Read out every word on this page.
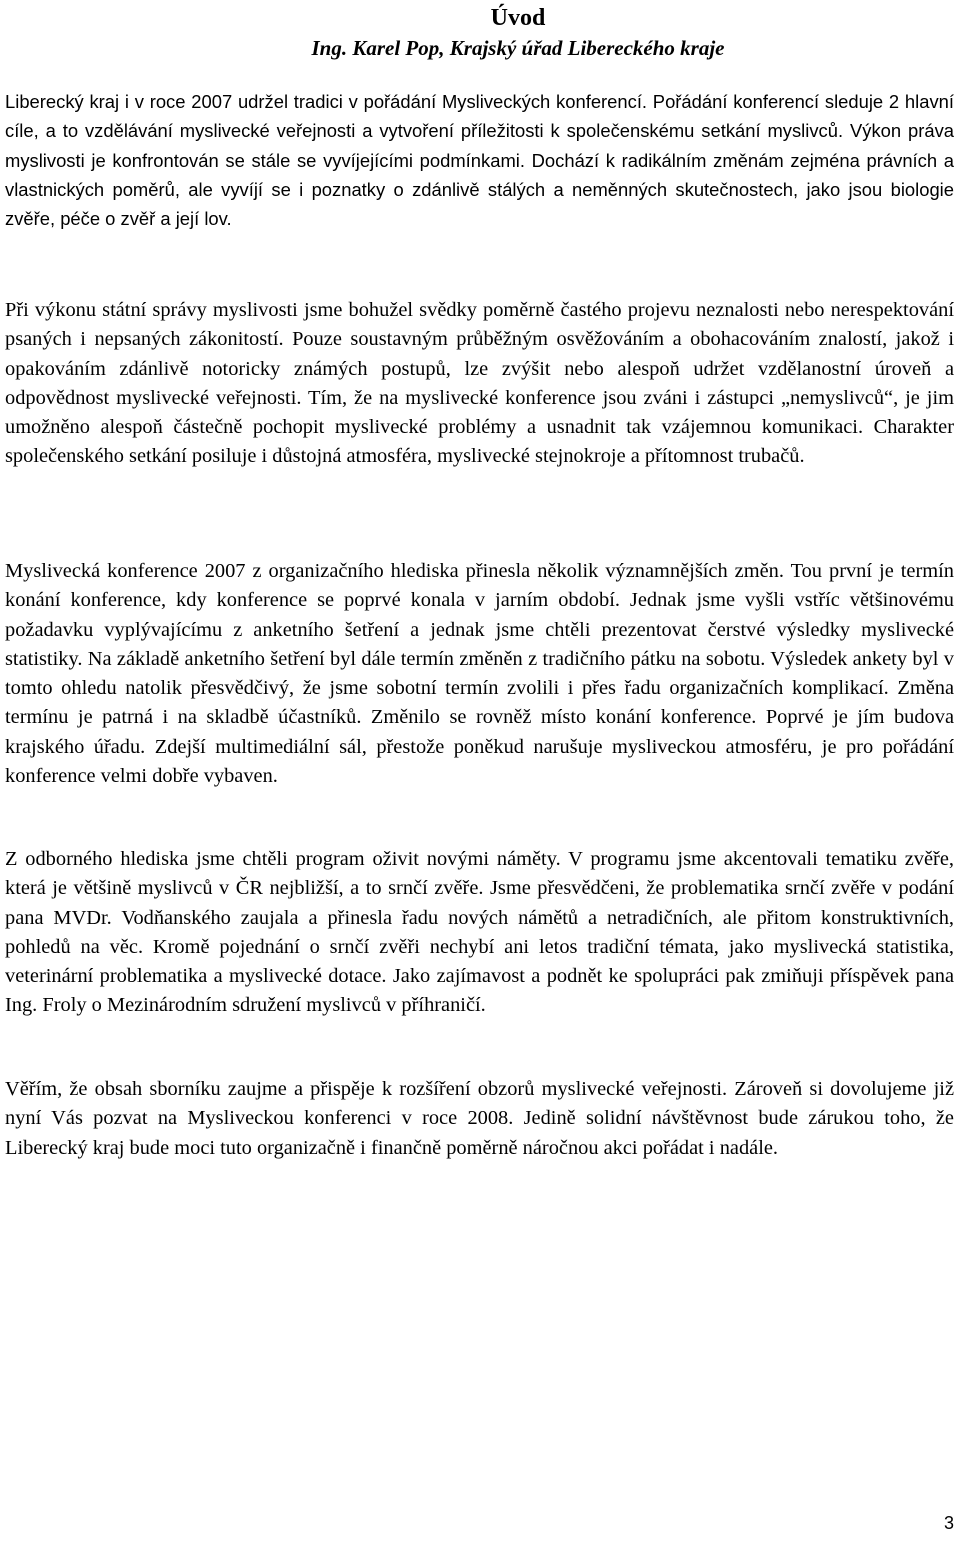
Úvod

Ing. Karel Pop, Krajský úřad Libereckého kraje

Liberecký kraj i v roce 2007 udržel tradici v pořádání Mysliveckých konferencí. Pořádání konferencí sleduje 2 hlavní cíle, a to vzdělávání myslivecké veřejnosti a vytvoření příležitosti k společenskému setkání myslivců. Výkon práva myslivosti je konfrontován se stále se vyvíjejícími podmínkami. Dochází k radikálním změnám zejména právních a vlastnických poměrů, ale vyvíjí se i poznatky o zdánlivě stálých a neměnných skutečnostech, jako jsou biologie zvěře, péče o zvěř a její lov.

Při výkonu státní správy myslivosti jsme bohužel svědky poměrně častého projevu neznalosti nebo nerespektování psaných i nepsaných zákonitostí. Pouze soustavným průběžným osvěžováním a obohacováním znalostí, jakož i opakováním zdánlivě notoricky známých postupů, lze zvýšit nebo alespoň udržet vzdělanostní úroveň a odpovědnost myslivecké veřejnosti. Tím, že na myslivecké konference jsou zváni i zástupci „nemyslivců“, je jim umožněno alespoň částečně pochopit myslivecké problémy a usnadnit tak vzájemnou komunikaci. Charakter společenského setkání posiluje i důstojná atmosféra, myslivecké stejnokroje a přítomnost trubačů.

Myslivecká konference 2007 z organizačního hlediska přinesla několik významnějších změn. Tou první je termín konání konference, kdy konference se poprvé konala v jarním období. Jednak jsme vyšli vstříc většinovému požadavku vyplývajícímu z anketního šetření a jednak jsme chtěli prezentovat čerstvé výsledky myslivecké statistiky. Na základě anketního šetření byl dále termín změněn z tradičního pátku na sobotu. Výsledek ankety byl v tomto ohledu natolik přesvědčivý, že jsme sobotní termín zvolili i přes řadu organizačních komplikací. Změna termínu je patrná i na skladbě účastníků. Změnilo se rovněž místo konání konference. Poprvé je jím budova krajského úřadu. Zdejší multimediální sál, přestože poněkud narušuje mysliveckou atmosféru, je pro pořádání konference velmi dobře vybaven.

Z odborného hlediska jsme chtěli program oživit novými náměty. V programu jsme akcentovali tematiku zvěře, která je většině myslivců v ČR nejbližší, a to srnčí zvěře. Jsme přesvědčeni, že problematika srnčí zvěře v podání pana MVDr. Vodňanského zaujala a přinesla řadu nových námětů a netradičních, ale přitom konstruktivních, pohledů na věc. Kromě pojednání o srnčí zvěři nechybí ani letos tradiční témata, jako myslivecká statistika, veterinární problematika a myslivecké dotace. Jako zajímavost a podnět ke spolupráci pak zmiňuji příspěvek pana Ing. Froly o Mezinárodním sdružení myslivců v příhraničí.

Věřím, že obsah sborníku zaujme a přispěje k rozšíření obzorů myslivecké veřejnosti. Zároveň si dovolujeme již nyní Vás pozvat na Mysliveckou konferenci v roce 2008. Jedině solidní návštěvnost bude zárukou toho, že Liberecký kraj bude moci tuto organizačně i finančně poměrně náročnou akci pořádat i nadále.

3
